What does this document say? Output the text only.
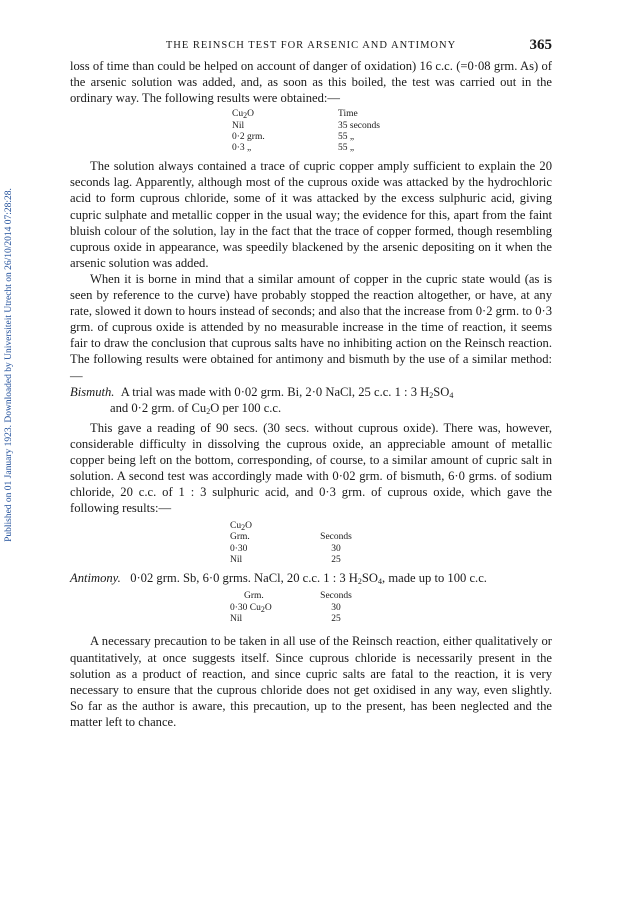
Published on 01 January 1923. Downloaded by Universiteit Utrecht on 26/10/2014 07:28:28.
THE REINSCH TEST FOR ARSENIC AND ANTIMONY	365

loss of time than could be helped on account of danger of oxidation) 16 c.c. (=0·08 grm. As) of the arsenic solution was added, and, as soon as this boiled, the test was carried out in the ordinary way. The following results were obtained:—

$Cu_2O$	Time
Nil	35 seconds
0·2 grm.	55 „
0·3 „	55 „

The solution always contained a trace of cupric copper amply sufficient to explain the 20 seconds lag. Apparently, although most of the cuprous oxide was attacked by the hydrochloric acid to form cuprous chloride, some of it was attacked by the excess sulphuric acid, giving cupric sulphate and metallic copper in the usual way; the evidence for this, apart from the faint bluish colour of the solution, lay in the fact that the trace of copper formed, though resembling cuprous oxide in appearance, was speedily blackened by the arsenic depositing on it when the arsenic solution was added.

When it is borne in mind that a similar amount of copper in the cupric state would (as is seen by reference to the curve) have probably stopped the reaction altogether, or have, at any rate, slowed it down to hours instead of seconds; and also that the increase from 0·2 grm. to 0·3 grm. of cuprous oxide is attended by no measurable increase in the time of reaction, it seems fair to draw the conclusion that cuprous salts have no inhibiting action on the Reinsch reaction. The following results were obtained for antimony and bismuth by the use of a similar method:—

Bismuth. A trial was made with 0·02 grm. Bi, 2·0 NaCl, 25 c.c. 1 : 3 $H_2SO_4$

and 0·2 grm. of $Cu_2O$ per 100 c.c.

This gave a reading of 90 secs. (30 secs. without cuprous oxide). There was, however, considerable difficulty in dissolving the cuprous oxide, an appreciable amount of metallic copper being left on the bottom, corresponding, of course, to a similar amount of cupric salt in solution. A second test was accordingly made with 0·02 grm. of bismuth, 6·0 grms. of sodium chloride, 20 c.c. of 1 : 3 sulphuric acid, and 0·3 grm. of cuprous oxide, which gave the following results:—

$Cu_2O$
Grm.	Seconds
0·30	30
Nil	25

Antimony. 0·02 grm. Sb, 6·0 grms. NaCl, 20 c.c. 1 : 3 $H_2SO_4$, made up to 100 c.c.

Grm.	Seconds
0·30 $Cu_2O$	30
Nil	25

A necessary precaution to be taken in all use of the Reinsch reaction, either qualitatively or quantitatively, at once suggests itself. Since cuprous chloride is necessarily present in the solution as a product of reaction, and since cupric salts are fatal to the reaction, it is very necessary to ensure that the cuprous chloride does not get oxidised in any way, even slightly. So far as the author is aware, this precaution, up to the present, has been neglected and the matter left to chance.
